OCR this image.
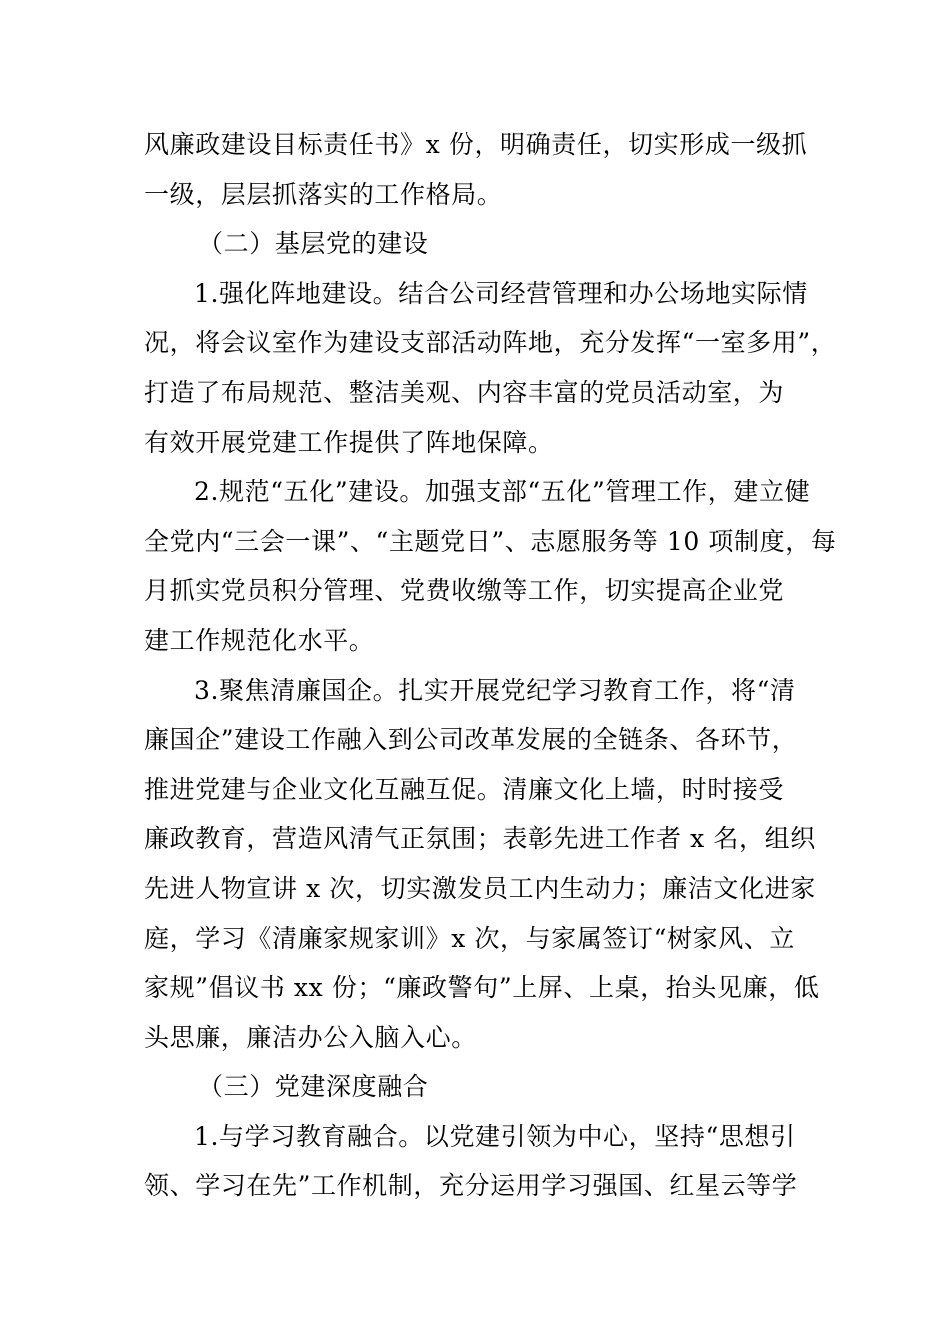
风廉政建设目标责任书》x 份，明确责任，切实形成一级抓
一级，层层抓落实的工作格局。
（二）基层党的建设
1.强化阵地建设。结合公司经营管理和办公场地实际情
况，将会议室作为建设支部活动阵地，充分发挥“一室多用”，
打造了布局规范、整洁美观、内容丰富的党员活动室，为
有效开展党建工作提供了阵地保障。
2.规范“五化”建设。加强支部“五化”管理工作，建立健
全党内“三会一课”、“主题党日”、志愿服务等 10 项制度，每
月抓实党员积分管理、党费收缴等工作，切实提高企业党
建工作规范化水平。
3.聚焦清廉国企。扎实开展党纪学习教育工作，将“清
廉国企”建设工作融入到公司改革发展的全链条、各环节，
推进党建与企业文化互融互促。清廉文化上墙，时时接受
廉政教育，营造风清气正氛围；表彰先进工作者 x 名，组织
先进人物宣讲 x 次，切实激发员工内生动力；廉洁文化进家
庭，学习《清廉家规家训》x 次，与家属签订“树家风、立
家规”倡议书 xx 份；“廉政警句”上屏、上桌，抬头见廉，低
头思廉，廉洁办公入脑入心。
（三）党建深度融合
1.与学习教育融合。以党建引领为中心，坚持“思想引
领、学习在先”工作机制，充分运用学习强国、红星云等学
